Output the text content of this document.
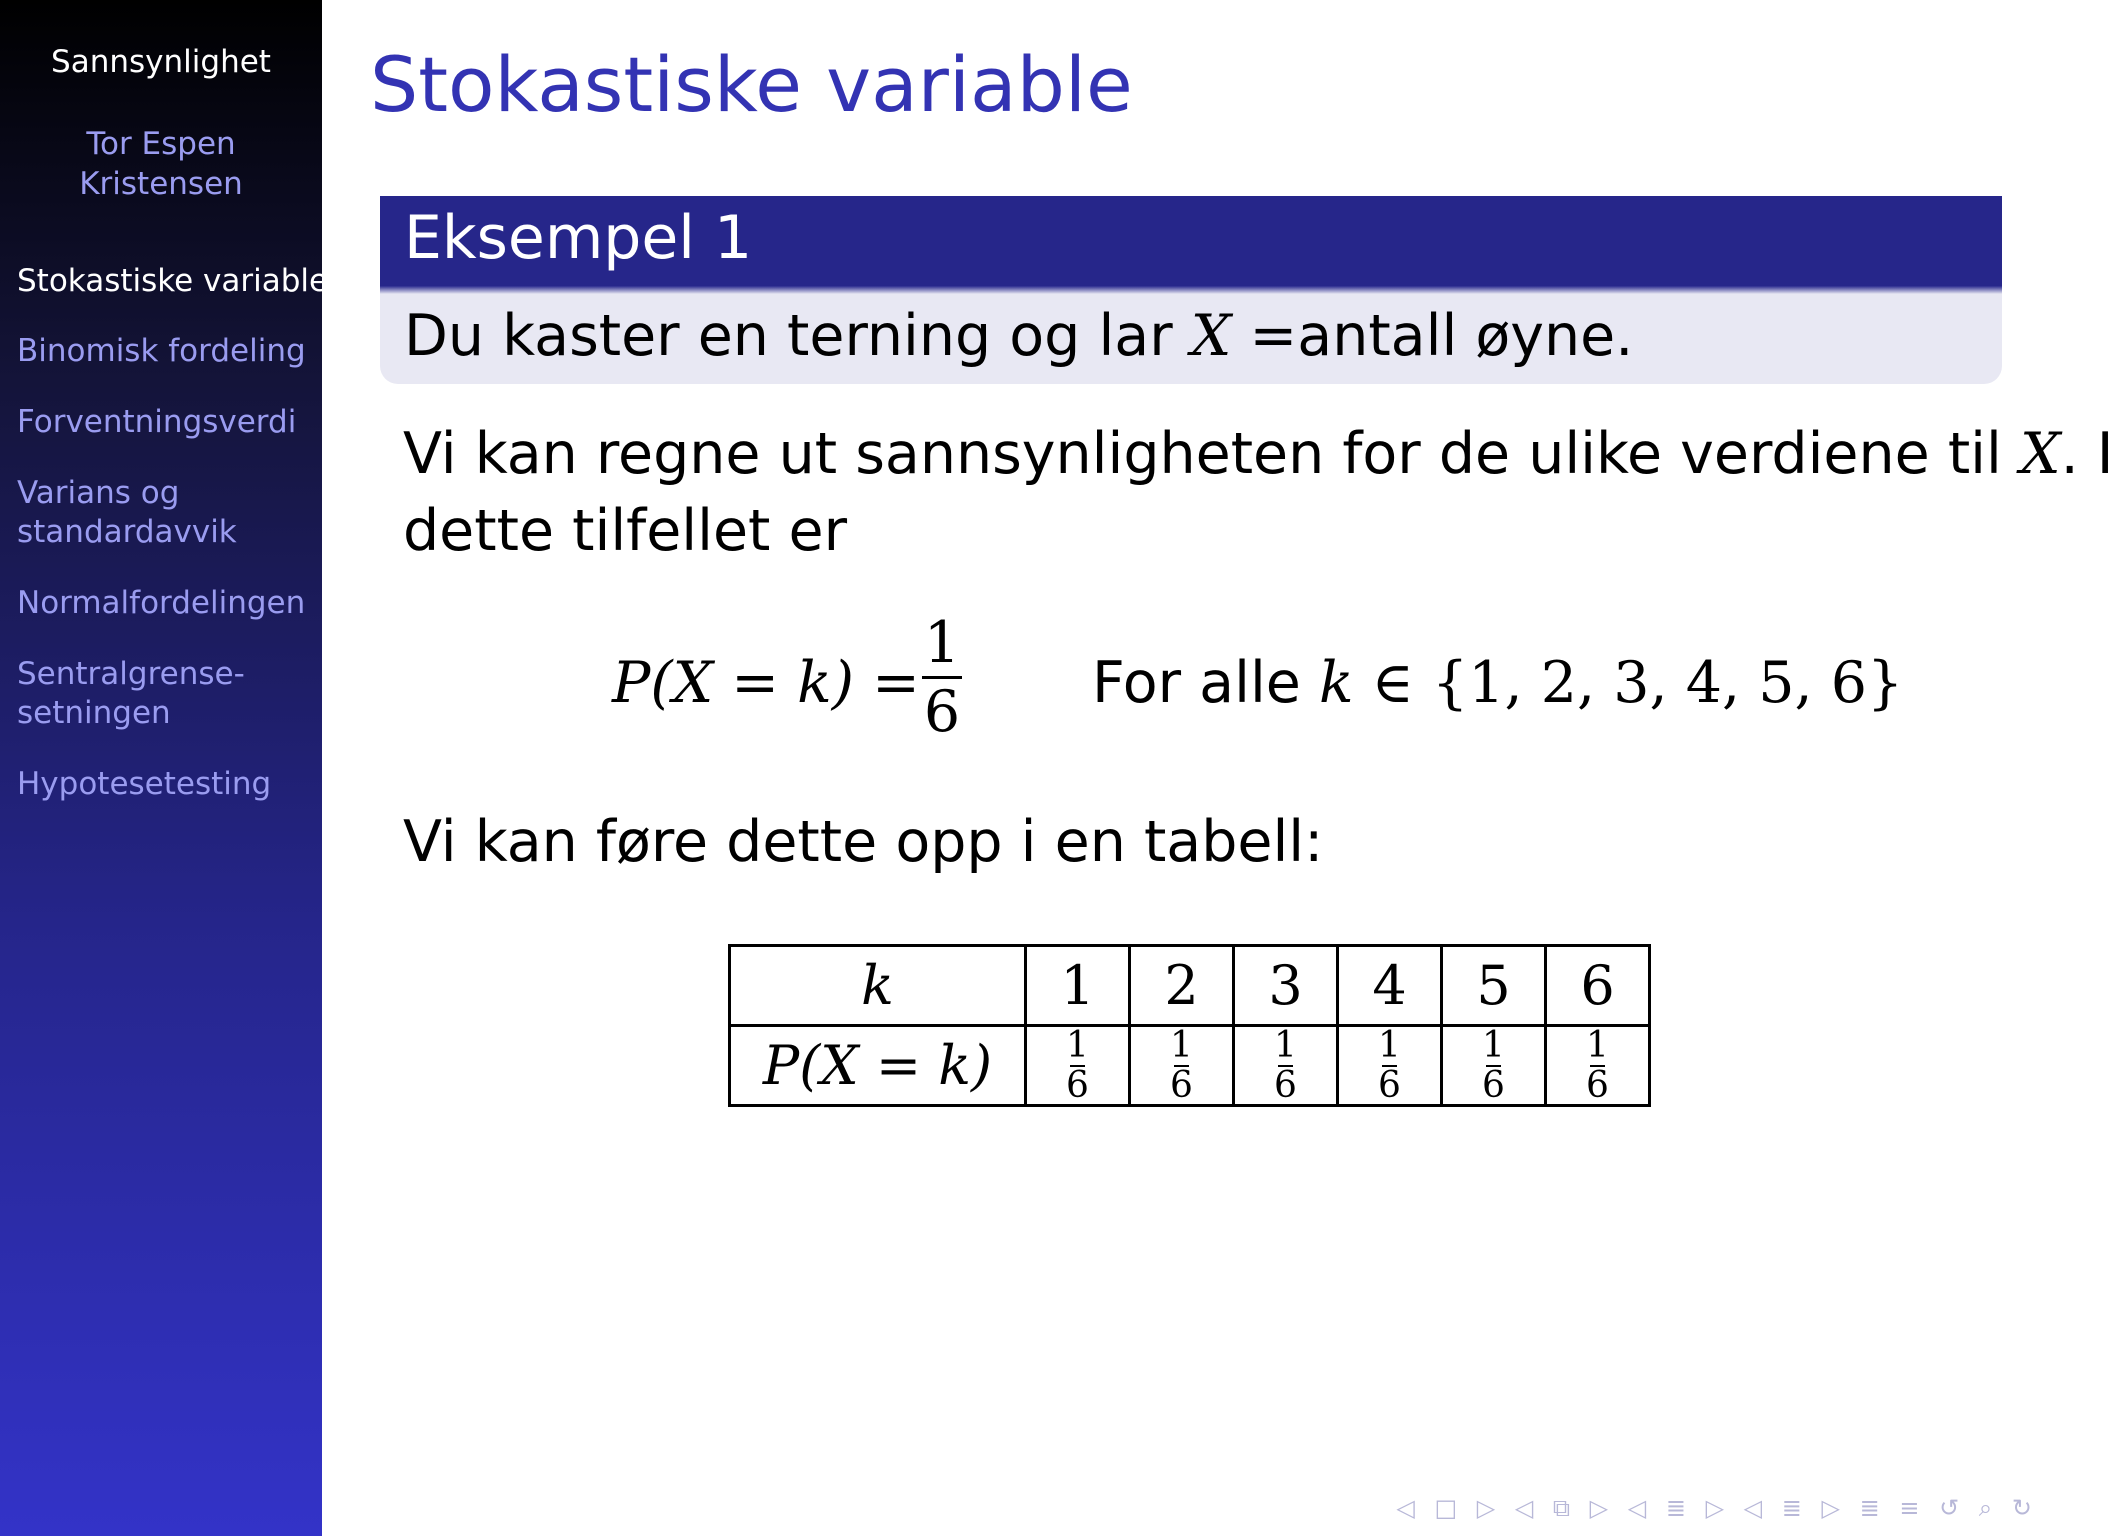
Sannsynlighet
Tor Espen
Kristensen
Stokastiske variable
Binomisk fordeling
Forventningsverdi
Varians og
standardavvik
Normalfordelingen
Sentralgrense-
setningen
Hypotesetesting
Stokastiske variable
Eksempel 1
Du kaster en terning og lar X =antall øyne.
Vi kan regne ut sannsynligheten for de ulike verdiene til X. I
dette tilfellet er
P(X = k) =
1
6 For alle k ∈ {1, 2, 3, 4, 5, 6}
Vi kan føre dette opp i en tabell:
k	1	2	3	4	5	6
P(X = k)	$\frac{1}{6}$	$\frac{1}{6}$	$\frac{1}{6}$	$\frac{1}{6}$	$\frac{1}{6}$	$\frac{1}{6}$
◁ □ ▷ ◁ ⧉ ▷ ◁ ≣ ▷ ◁ ≣ ▷ ≣ ≡ ↺ ⌕ ↻
